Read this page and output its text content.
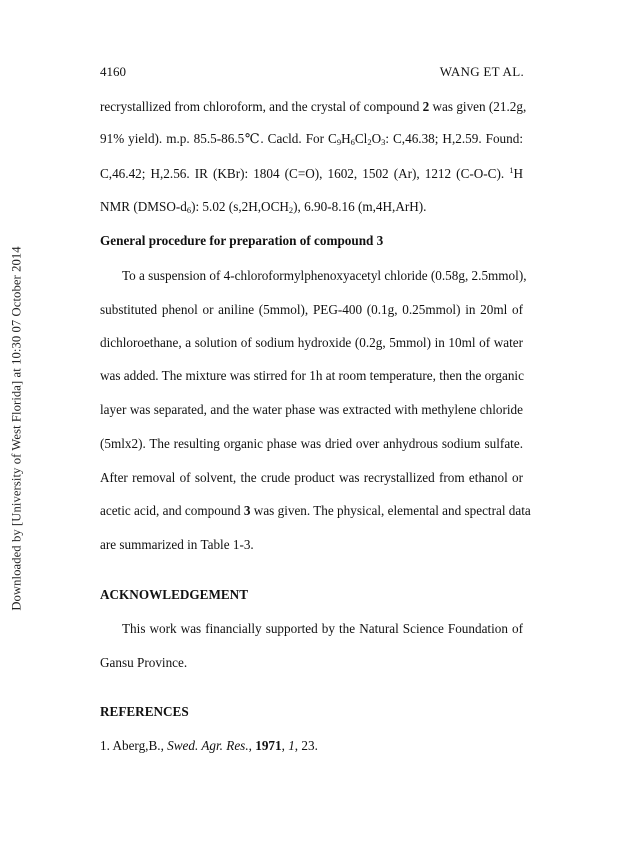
Downloaded by [University of West Florida] at 10:30 07 October 2014
4160	WANG ET AL.
recrystallized from chloroform, and the crystal of compound 2 was given (21.2g,
91% yield). m.p. 85.5-86.5℃. Cacld. For $C_9H_6Cl_2O_3$: C,46.38; H,2.59. Found:
C,46.42; H,2.56. IR (KBr): 1804 (C=O), 1602, 1502 (Ar), 1212 (C-O-C). $^1$H
NMR $(DMSO-d_6)$: 5.02 $(s,2H,OCH_2)$, 6.90-8.16 (m,4H,ArH).
General procedure for preparation of compound 3
To a suspension of 4-chloroformylphenoxyacetyl chloride (0.58g, 2.5mmol),
substituted phenol or aniline (5mmol), PEG-400 (0.1g, 0.25mmol) in 20ml of
dichloroethane, a solution of sodium hydroxide (0.2g, 5mmol) in 10ml of water
was added. The mixture was stirred for 1h at room temperature, then the organic
layer was separated, and the water phase was extracted with methylene chloride
(5mlx2). The resulting organic phase was dried over anhydrous sodium sulfate.
After removal of solvent, the crude product was recrystallized from ethanol or
acetic acid, and compound 3 was given. The physical, elemental and spectral data
are summarized in Table 1-3.
ACKNOWLEDGEMENT
This work was financially supported by the Natural Science Foundation of
Gansu Province.
REFERENCES
1. Aberg,B., Swed. Agr. Res., 1971, 1, 23.
